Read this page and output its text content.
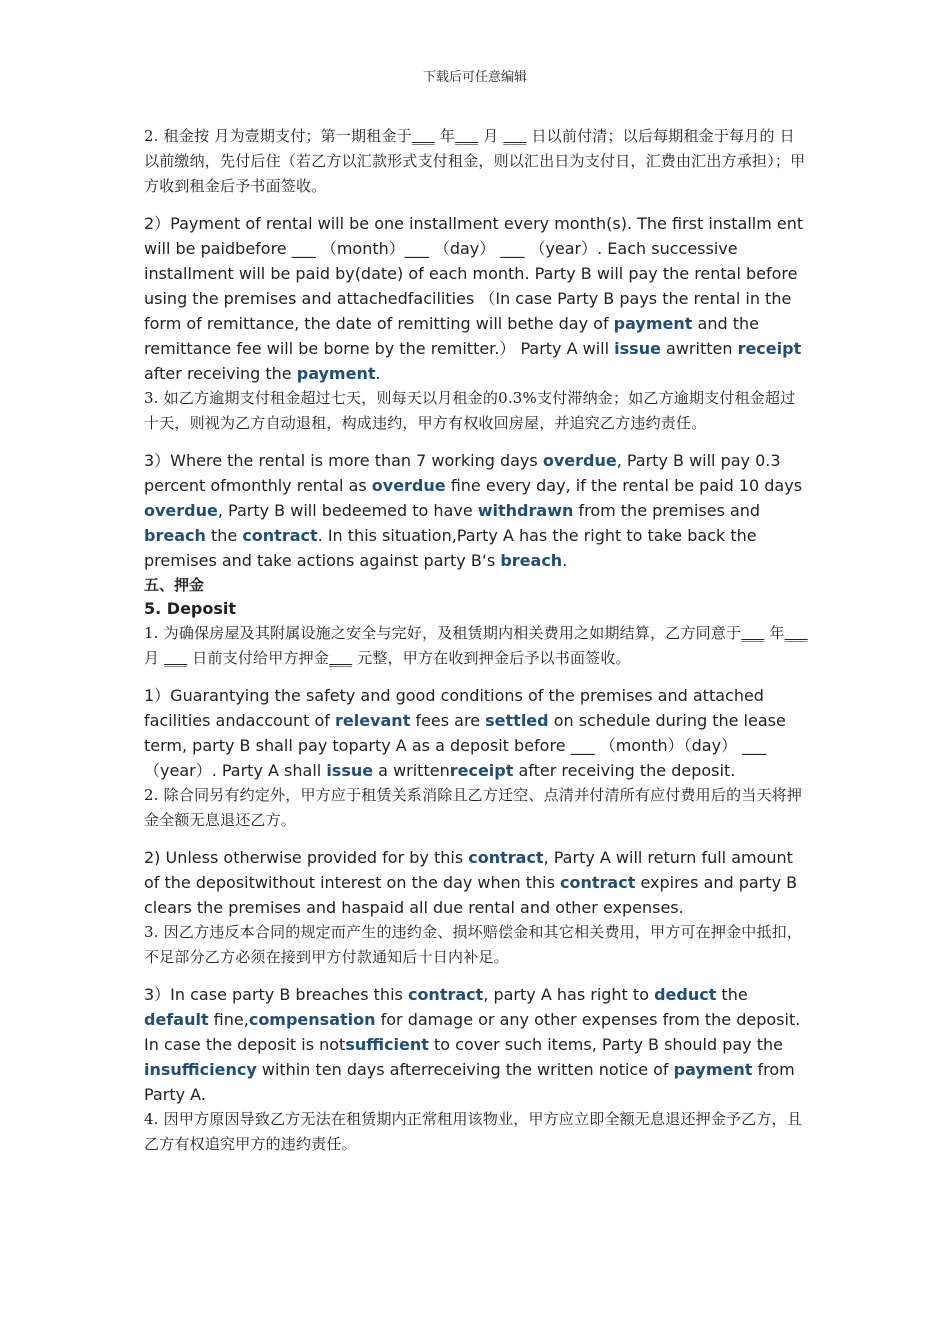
下载后可任意编辑

2. 租金按 月为壹期支付；第一期租金于___ 年___ 月 ___ 日以前付清；以后每期租金于每月的 日以前缴纳，先付后住（若乙方以汇款形式支付租金，则以汇出日为支付日，汇费由汇出方承担）；甲方收到租金后予书面签收。

2）Payment of rental will be one installment every month(s). The first installm ent will be paidbefore ___ （month）___ （day） ___ （year）. Each successive installment will be paid by(date) of each month. Party B will pay the rental before using the premises and attachedfacilities （In case Party B pays the rental in the form of remittance, the date of remitting will bethe day of payment and the remittance fee will be borne by the remitter.） Party A will issue awritten receipt after receiving the payment.

3. 如乙方逾期支付租金超过七天，则每天以月租金的0.3%支付滞纳金；如乙方逾期支付租金超过十天，则视为乙方自动退租，构成违约，甲方有权收回房屋，并追究乙方违约责任。

3）Where the rental is more than 7 working days overdue, Party B will pay 0.3 percent ofmonthly rental as overdue fine every day, if the rental be paid 10 days overdue, Party B will bedeemed to have withdrawn from the premises and breach the contract. In this situation,Party A has the right to take back the premises and take actions against party B‘s breach.

五、押金

5. Deposit

1. 为确保房屋及其附属设施之安全与完好，及租赁期内相关费用之如期结算，乙方同意于___ 年___ 月 ___ 日前支付给甲方押金___ 元整，甲方在收到押金后予以书面签收。

1）Guarantying the safety and good conditions of the premises and attached facilities andaccount of relevant fees are settled on schedule during the lease term, party B shall pay toparty A as a deposit before ___ （month）（day） ___ （year）. Party A shall issue a writtenreceipt after receiving the deposit.

2. 除合同另有约定外，甲方应于租赁关系消除且乙方迁空、点清并付清所有应付费用后的当天将押金全额无息退还乙方。

2) Unless otherwise provided for by this contract, Party A will return full amount of the depositwithout interest on the day when this contract expires and party B clears the premises and haspaid all due rental and other expenses.

3. 因乙方违反本合同的规定而产生的违约金、损坏赔偿金和其它相关费用，甲方可在押金中抵扣，不足部分乙方必须在接到甲方付款通知后十日内补足。

3）In case party B breaches this contract, party A has right to deduct the default fine,compensation for damage or any other expenses from the deposit. In case the deposit is notsufficient to cover such items, Party B should pay the insufficiency within ten days afterreceiving the written notice of payment from Party A.

4. 因甲方原因导致乙方无法在租赁期内正常租用该物业，甲方应立即全额无息退还押金予乙方，且乙方有权追究甲方的违约责任。
